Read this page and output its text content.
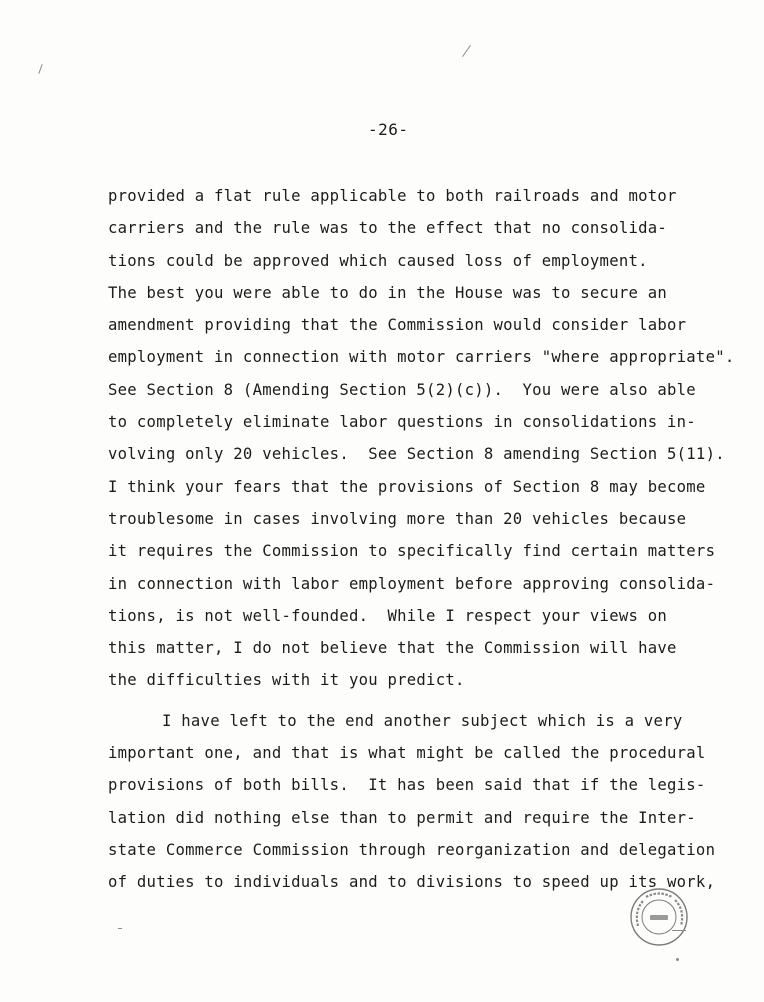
-26-
provided a flat rule applicable to both railroads and motor
carriers and the rule was to the effect that no consolida-
tions could be approved which caused loss of employment.
The best you were able to do in the House was to secure an
amendment providing that the Commission would consider labor
employment in connection with motor carriers "where appropriate".
See Section 8 (Amending Section 5(2)(c)).  You were also able
to completely eliminate labor questions in consolidations in-
volving only 20 vehicles.  See Section 8 amending Section 5(11).
I think your fears that the provisions of Section 8 may become
troublesome in cases involving more than 20 vehicles because
it requires the Commission to specifically find certain matters
in connection with labor employment before approving consolida-
tions, is not well-founded.  While I respect your views on
this matter, I do not believe that the Commission will have
the difficulties with it you predict.
I have left to the end another subject which is a very
important one, and that is what might be called the procedural
provisions of both bills.  It has been said that if the legis-
lation did nothing else than to permit and require the Inter-
state Commerce Commission through reorganization and delegation
of duties to individuals and to divisions to speed up its work,
